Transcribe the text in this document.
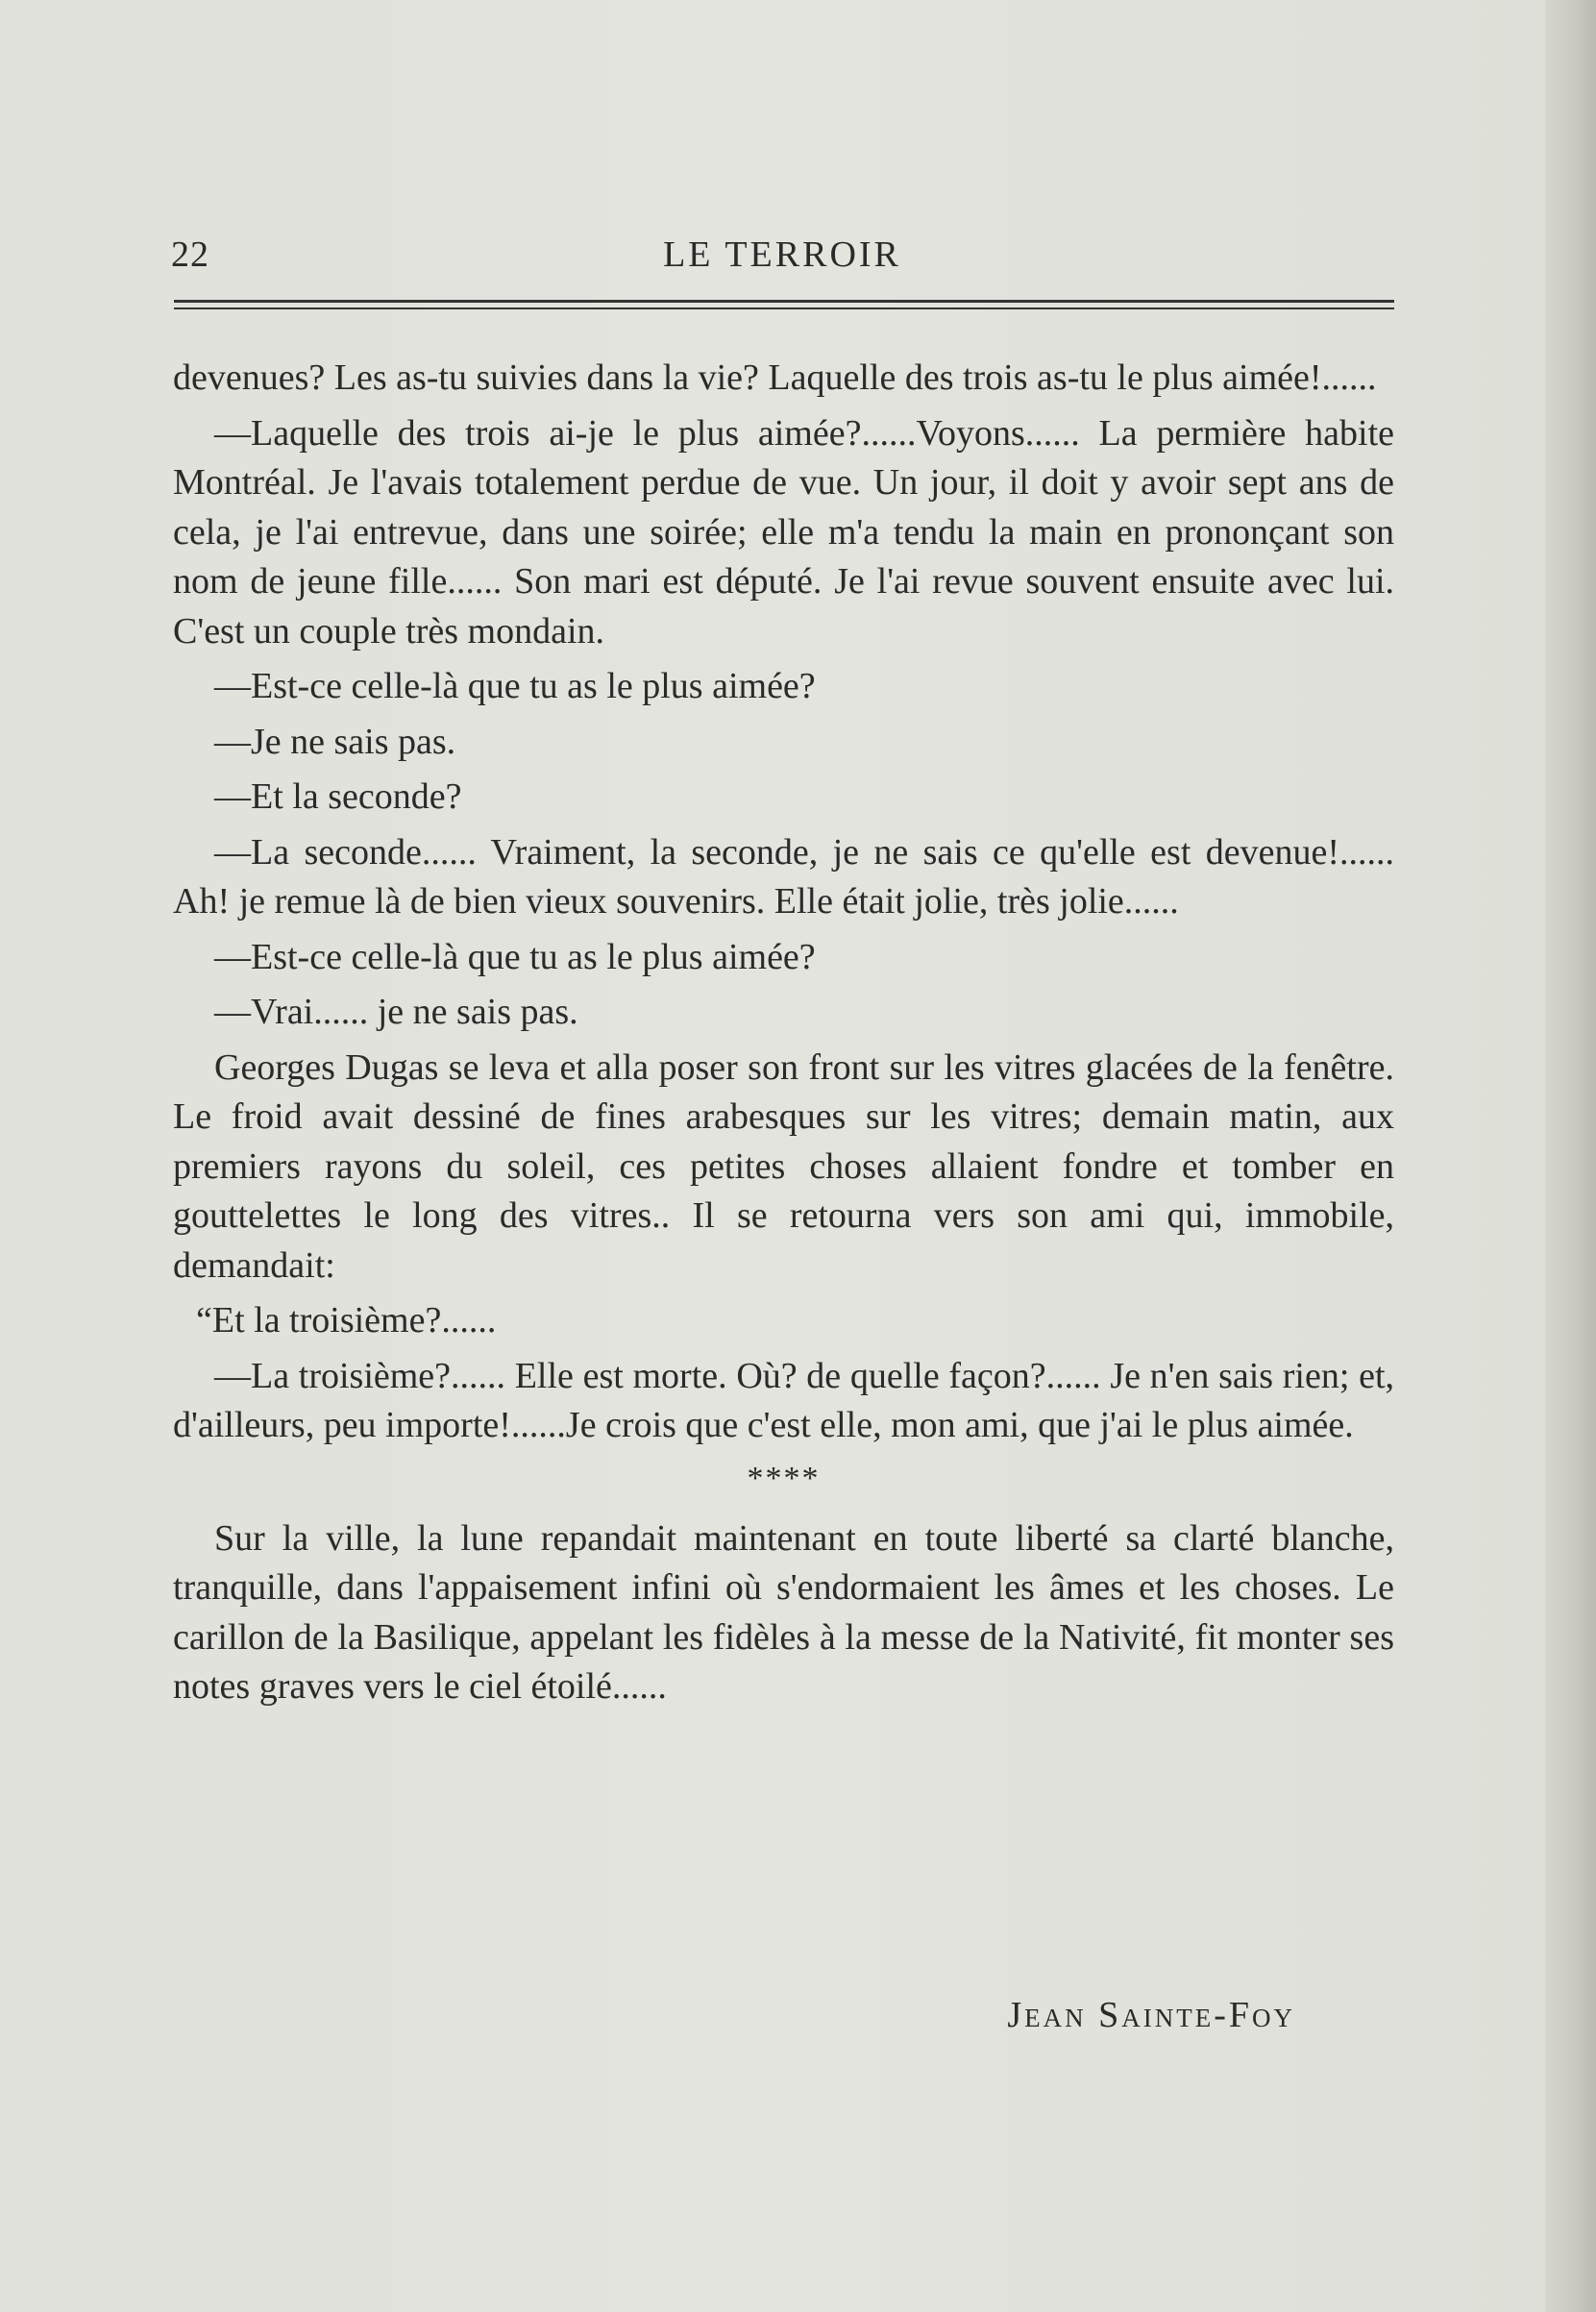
22	LE TERROIR

devenues? Les as-tu suivies dans la vie? Laquelle des trois as-tu le plus aimée!......

—Laquelle des trois ai-je le plus aimée?......Voyons...... La permière habite Montréal. Je l'avais totalement perdue de vue. Un jour, il doit y avoir sept ans de cela, je l'ai entrevue, dans une soirée; elle m'a tendu la main en prononçant son nom de jeune fille...... Son mari est député. Je l'ai revue souvent ensuite avec lui. C'est un couple très mondain.

—Est-ce celle-là que tu as le plus aimée?

—Je ne sais pas.

—Et la seconde?

—La seconde...... Vraiment, la seconde, je ne sais ce qu'elle est devenue!...... Ah! je remue là de bien vieux souvenirs. Elle était jolie, très jolie......

—Est-ce celle-là que tu as le plus aimée?

—Vrai...... je ne sais pas.

Georges Dugas se leva et alla poser son front sur les vitres glacées de la fenêtre. Le froid avait dessiné de fines arabesques sur les vitres; demain matin, aux premiers rayons du soleil, ces petites choses allaient fondre et tomber en gouttelettes le long des vitres.. Il se retourna vers son ami qui, immobile, demandait:

“Et la troisième?......

—La troisième?...... Elle est morte. Où? de quelle façon?...... Je n'en sais rien; et, d'ailleurs, peu importe!......Je crois que c'est elle, mon ami, que j'ai le plus aimée.

****

Sur la ville, la lune repandait maintenant en toute liberté sa clarté blanche, tranquille, dans l'appaisement infini où s'endormaient les âmes et les choses. Le carillon de la Basilique, appelant les fidèles à la messe de la Nativité, fit monter ses notes graves vers le ciel étoilé......

Jean Sainte-Foy
